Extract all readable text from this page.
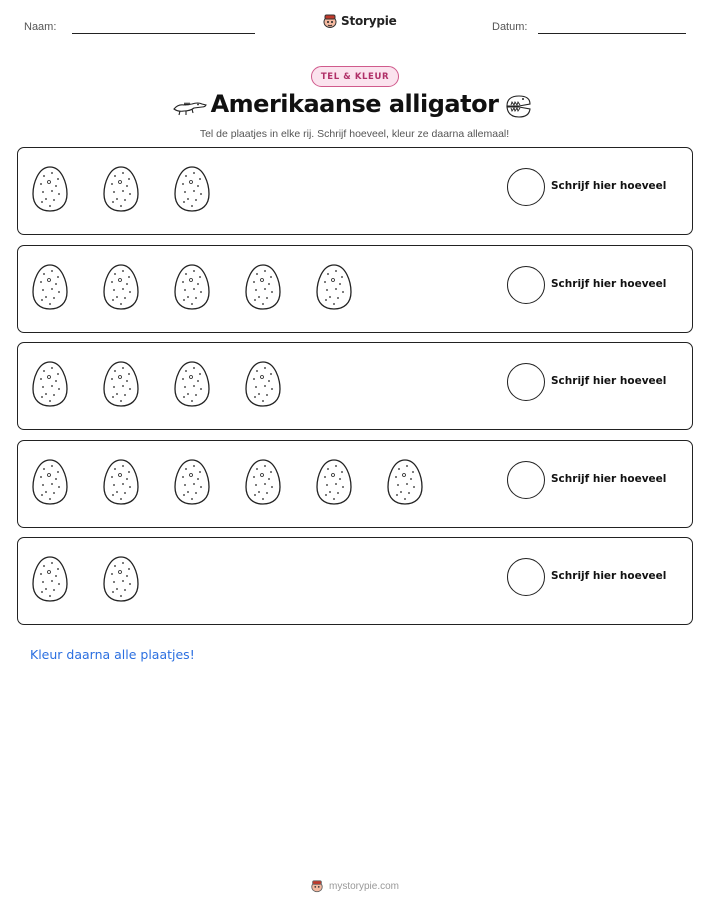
Naam:	Storypie	Datum:
TEL & KLEUR
Amerikaanse alligator
Tel de plaatjes in elke rij. Schrijf hoeveel, kleur ze daarna allemaal!
Schrijf hier hoeveel
Schrijf hier hoeveel
Schrijf hier hoeveel
Schrijf hier hoeveel
Schrijf hier hoeveel
Kleur daarna alle plaatjes!
mystorypie.com
